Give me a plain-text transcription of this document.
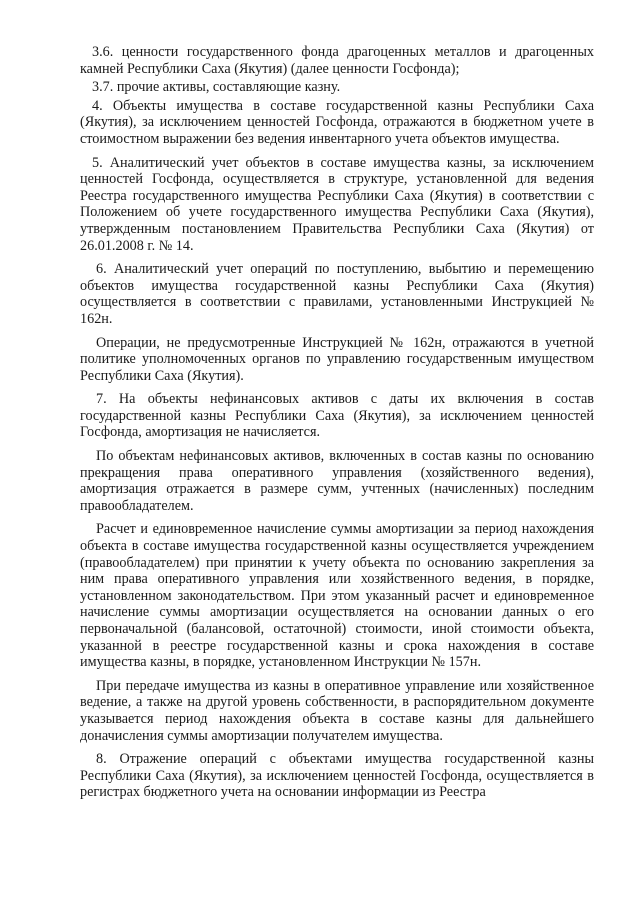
3.6. ценности государственного фонда драгоценных металлов и драгоценных камней Республики Саха (Якутия) (далее ценности Госфонда);

3.7. прочие активы, составляющие казну.

4. Объекты имущества в составе государственной казны Республики Саха (Якутия), за исключением ценностей Госфонда, отражаются в бюджетном учете в стоимостном выражении без ведения инвентарного учета объектов имущества.

5. Аналитический учет объектов в составе имущества казны, за исключением ценностей Госфонда, осуществляется в структуре, установленной для ведения Реестра государственного имущества Республики Саха (Якутия) в соответствии с Положением об учете государственного имущества Республики Саха (Якутия), утвержденным постановлением Правительства Республики Саха (Якутия) от 26.01.2008 г. № 14.

6. Аналитический учет операций по поступлению, выбытию и перемещению объектов имущества государственной казны Республики Саха (Якутия) осуществляется в соответствии с правилами, установленными Инструкцией № 162н.

Операции, не предусмотренные Инструкцией № 162н, отражаются в учетной политике уполномоченных органов по управлению государственным имуществом Республики Саха (Якутия).

7. На объекты нефинансовых активов с даты их включения в состав государственной казны Республики Саха (Якутия), за исключением ценностей Госфонда, амортизация не начисляется.

По объектам нефинансовых активов, включенных в состав казны по основанию прекращения права оперативного управления (хозяйственного ведения), амортизация отражается в размере сумм, учтенных (начисленных) последним правообладателем.

Расчет и единовременное начисление суммы амортизации за период нахождения объекта в составе имущества государственной казны осуществляется учреждением (правообладателем) при принятии к учету объекта по основанию закрепления за ним права оперативного управления или хозяйственного ведения, в порядке, установленном законодательством. При этом указанный расчет и единовременное начисление суммы амортизации осуществляется на основании данных о его первоначальной (балансовой, остаточной) стоимости, иной стоимости объекта, указанной в реестре государственной казны и срока нахождения в составе имущества казны, в порядке, установленном Инструкции № 157н.

При передаче имущества из казны в оперативное управление или хозяйственное ведение, а также на другой уровень собственности, в распорядительном документе указывается период нахождения объекта в составе казны для дальнейшего доначисления суммы амортизации получателем имущества.

8. Отражение операций с объектами имущества государственной казны Республики Саха (Якутия), за исключением ценностей Госфонда, осуществляется в регистрах бюджетного учета на основании информации из Реестра
